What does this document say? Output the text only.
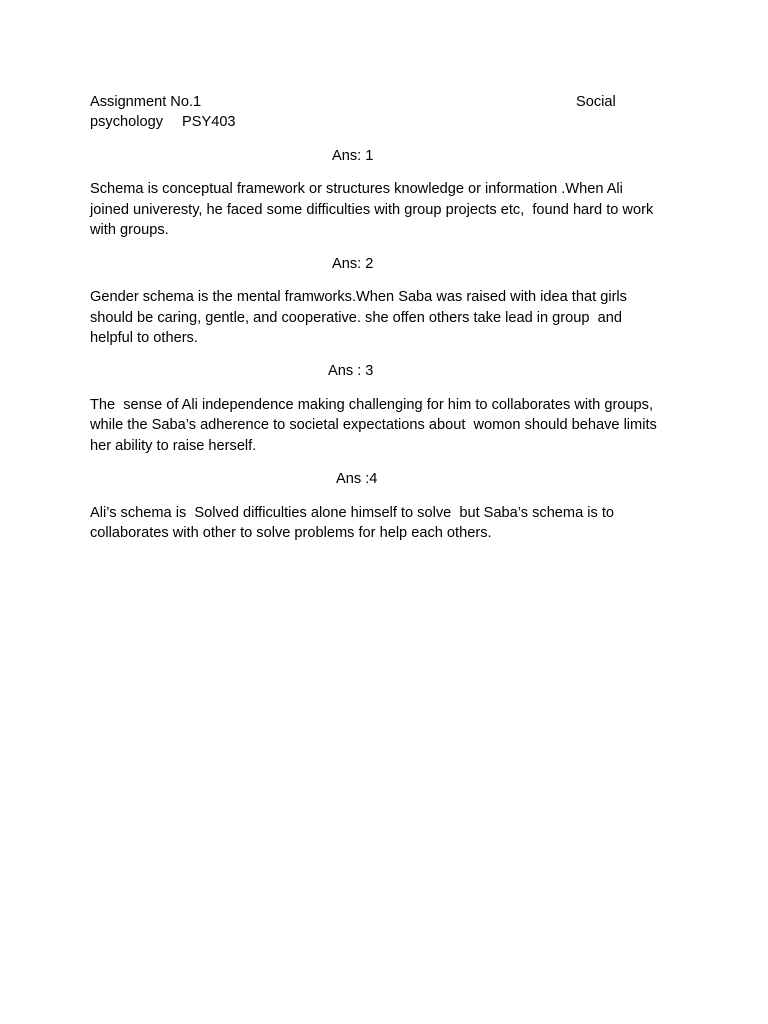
Assignment No.1	Social
psychology PSY403
Ans: 1
Schema is conceptual framework or structures knowledge or information .When Ali
joined univeresty, he faced some difficulties with group projects etc,  found hard to work
with groups.
Ans: 2
Gender schema is the mental framworks.When Saba was raised with idea that girls
should be caring, gentle, and cooperative. she offen others take lead in group  and
helpful to others.
Ans : 3
The  sense of Ali independence making challenging for him to collaborates with groups,
while the Saba’s adherence to societal expectations about  womon should behave limits
her ability to raise herself.
Ans :4
Ali’s schema is  Solved difficulties alone himself to solve  but Saba’s schema is to
collaborates with other to solve problems for help each others.
